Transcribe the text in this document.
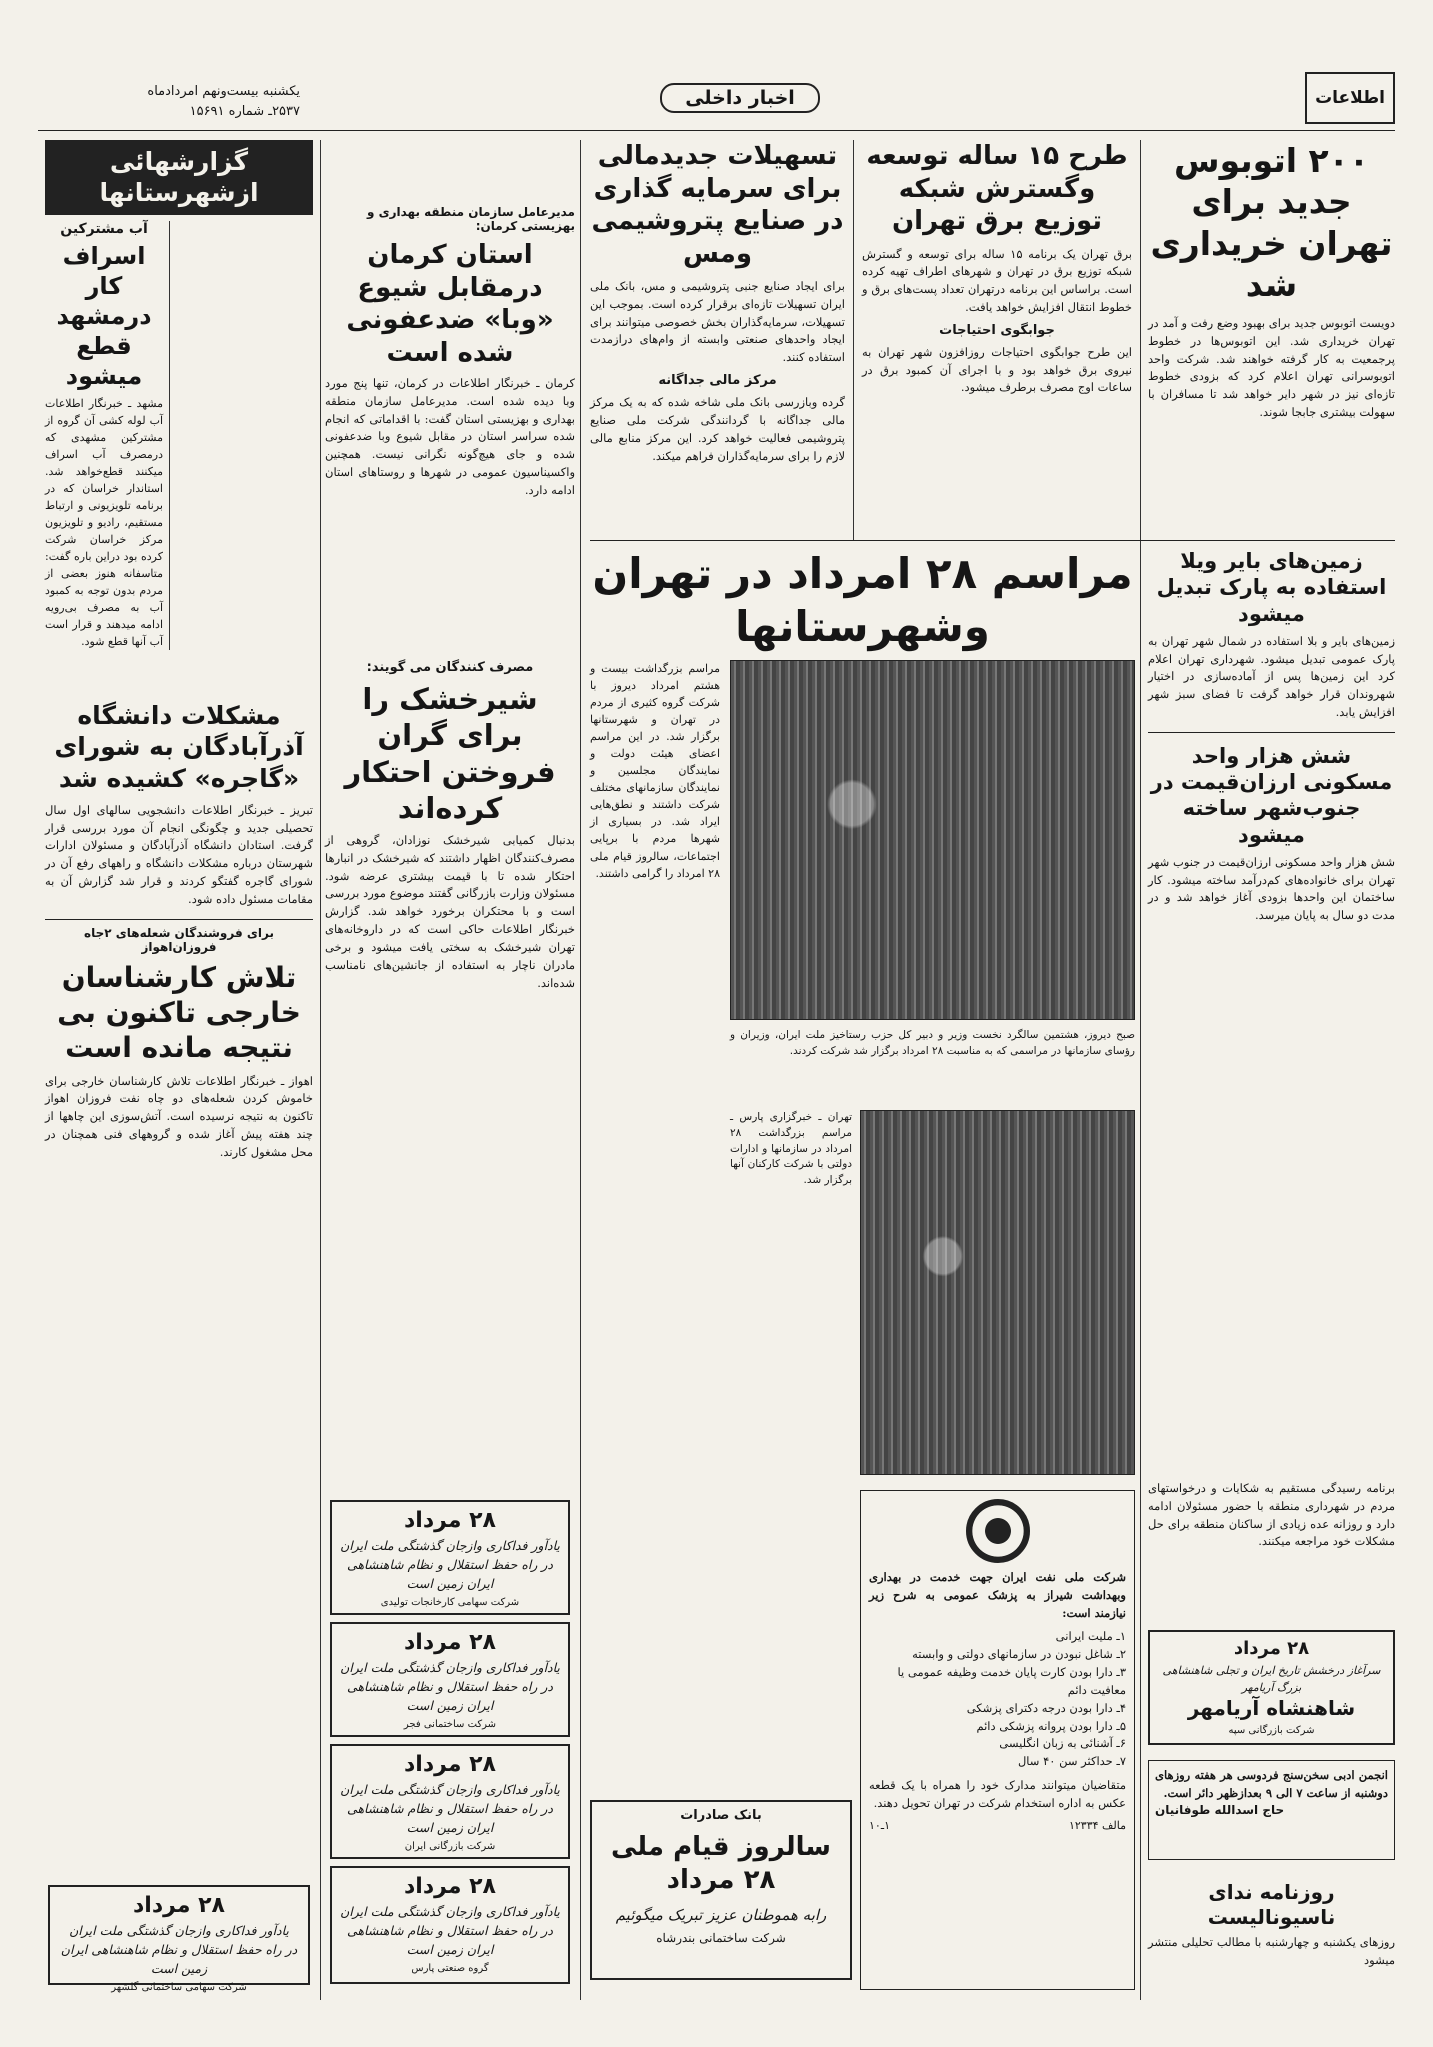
اطلاعات
اخبار داخلی
یکشنبه بیست‌ونهم امردادماه
۲۵۳۷ـ شماره ۱۵۶۹۱

گزارشهائی ازشهرستانها

آب مشترکین

اسراف کار درمشهد قطع میشود

مشهد ـ خبرنگار اطلاعات آب لوله کشی آن گروه از مشترکین مشهدی که درمصرف آب اسراف میکنند قطع‌خواهد شد. استاندار خراسان که در برنامه تلویزیونی و ارتباط مستقیم، رادیو و تلویزیون مرکز خراسان شرکت کرده بود دراین باره گفت: متاسفانه هنوز بعضی از مردم بدون توجه به کمبود آب به مصرف بی‌رویه ادامه میدهند و قرار است آب آنها قطع شود.

مشکلات دانشگاه آذرآبادگان به شورای «گاجره» کشیده شد

تبریز ـ خبرنگار اطلاعات دانشجویی سالهای اول سال تحصیلی جدید و چگونگی انجام آن مورد بررسی قرار گرفت. استادان دانشگاه آذرآبادگان و مسئولان ادارات شهرستان درباره مشکلات دانشگاه و راههای رفع آن در شورای گاجره گفتگو کردند و قرار شد گزارش آن به مقامات مسئول داده شود.

برای فروشندگان شعله‌های ۲جاه فروزان‌اهواز

تلاش کارشناسان خارجی تاکنون بی نتیجه مانده است

اهواز ـ خبرنگار اطلاعات تلاش کارشناسان خارجی برای خاموش کردن شعله‌های دو چاه نفت فروزان اهواز تاکنون به نتیجه نرسیده است. آتش‌سوزی این چاهها از چند هفته پیش آغاز شده و گروههای فنی همچنان در محل مشغول کارند.

۲۸ مرداد

یادآور فداکاری وازجان گذشتگی ملت ایران

در راه حفظ استقلال و نظام شاهنشاهی ایران زمین است

شرکت سهامی ساختمانی گلشهر

مدیرعامل سازمان منطقه بهداری و بهزیستی کرمان:

استان کرمان درمقابل شیوع «وبا» ضدعفونی شده است

کرمان ـ خبرنگار اطلاعات در کرمان، تنها پنج مورد وبا دیده شده است. مدیرعامل سازمان منطقه بهداری و بهزیستی استان گفت: با اقداماتی که انجام شده سراسر استان در مقابل شیوع وبا ضدعفونی شده و جای هیچ‌گونه نگرانی نیست. همچنین واکسیناسیون عمومی در شهرها و روستاهای استان ادامه دارد.

مصرف کنندگان می گویند:

شیرخشک را برای گران فروختن احتکار کرده‌اند

بدنبال کمیابی شیرخشک نوزادان، گروهی از مصرف‌کنندگان اظهار داشتند که شیرخشک در انبارها احتکار شده تا با قیمت بیشتری عرضه شود. مسئولان وزارت بازرگانی گفتند موضوع مورد بررسی است و با محتکران برخورد خواهد شد. گزارش خبرنگار اطلاعات حاکی است که در داروخانه‌های تهران شیرخشک به سختی یافت میشود و برخی مادران ناچار به استفاده از جانشین‌های نامناسب شده‌اند.

۲۸ مرداد

یادآور فداکاری وازجان گذشتگی ملت ایران

در راه حفظ استقلال و نظام شاهنشاهی ایران زمین است

شرکت سهامی کارخانجات تولیدی

۲۸ مرداد

یادآور فداکاری وازجان گذشتگی ملت ایران

در راه حفظ استقلال و نظام شاهنشاهی ایران زمین است

شرکت ساختمانی فجر

۲۸ مرداد

یادآور فداکاری وازجان گذشتگی ملت ایران

در راه حفظ استقلال و نظام شاهنشاهی ایران زمین است

شرکت بازرگانی ایران

۲۸ مرداد

یادآور فداکاری وازجان گذشتگی ملت ایران

در راه حفظ استقلال و نظام شاهنشاهی ایران زمین است

گروه صنعتی پارس

تسهیلات جدیدمالی برای سرمایه گذاری در صنایع پتروشیمی ومس

برای ایجاد صنایع جنبی پتروشیمی و مس، بانک ملی ایران تسهیلات تازه‌ای برقرار کرده است. بموجب این تسهیلات، سرمایه‌گذاران بخش خصوصی میتوانند برای ایجاد واحدهای صنعتی وابسته از وام‌های درازمدت استفاده کنند.

مرکز مالی جداگانه

گرده وبازرسی بانک ملی شاخه شده که به یک مرکز مالی جداگانه با گردانندگی شرکت ملی صنایع پتروشیمی فعالیت خواهد کرد. این مرکز منابع مالی لازم را برای سرمایه‌گذاران فراهم میکند.

طرح ۱۵ ساله توسعه وگسترش شبکه توزیع برق تهران

برق تهران یک برنامه ۱۵ ساله برای توسعه و گسترش شبکه توزیع برق در تهران و شهرهای اطراف تهیه کرده است. براساس این برنامه درتهران تعداد پست‌های برق و خطوط انتقال افزایش خواهد یافت.

جوابگوی احتیاجات

این طرح جوابگوی احتیاجات روزافزون شهر تهران به نیروی برق خواهد بود و با اجرای آن کمبود برق در ساعات اوج مصرف برطرف میشود.

۲۰۰ اتوبوس جدید برای تهران خریداری شد

دویست اتوبوس جدید برای بهبود وضع رفت و آمد در تهران خریداری شد. این اتوبوس‌ها در خطوط پرجمعیت به کار گرفته خواهند شد. شرکت واحد اتوبوسرانی تهران اعلام کرد که بزودی خطوط تازه‌ای نیز در شهر دایر خواهد شد تا مسافران با سهولت بیشتری جابجا شوند.

مراسم ۲۸ امرداد در تهران وشهرستانها

مراسم بزرگداشت بیست و هشتم امرداد دیروز با شرکت گروه کثیری از مردم در تهران و شهرستانها برگزار شد. در این مراسم اعضای هیئت دولت و نمایندگان مجلسین و نمایندگان سازمانهای مختلف شرکت داشتند و نطق‌هایی ایراد شد. در بسیاری از شهرها مردم با برپایی اجتماعات، سالروز قیام ملی ۲۸ امرداد را گرامی داشتند.

صبح دیروز، هشتمین سالگرد نخست وزیر و دبیر کل حزب رستاخیز ملت ایران، وزیران و رؤسای سازمانها در مراسمی که به مناسبت ۲۸ امرداد برگزار شد شرکت کردند.

تهران ـ خبرگزاری پارس ـ مراسم بزرگداشت ۲۸ امرداد در سازمانها و ادارات دولتی با شرکت کارکنان آنها برگزار شد.

زمین‌های بایر ویلا استفاده به پارک تبدیل میشود

زمین‌های بایر و بلا استفاده در شمال شهر تهران به پارک عمومی تبدیل میشود. شهرداری تهران اعلام کرد این زمین‌ها پس از آماده‌سازی در اختیار شهروندان قرار خواهد گرفت تا فضای سبز شهر افزایش یابد.

شش هزار واحد مسکونی ارزان‌قیمت در جنوب‌شهر ساخته میشود

شش هزار واحد مسکونی ارزان‌قیمت در جنوب شهر تهران برای خانواده‌های کم‌درآمد ساخته میشود. کار ساختمان این واحدها بزودی آغاز خواهد شد و در مدت دو سال به پایان میرسد.

برنامه رسیدگی مستقیم به شکایات و درخواستهای مردم در شهرداری منطقه با حضور مسئولان ادامه دارد و روزانه عده زیادی از ساکنان منطقه برای حل مشکلات خود مراجعه میکنند.

شرکت ملی نفت ایران جهت خدمت در بهداری وبهداشت شیراز به پزشک عمومی به شرح زیر نیازمند است:

۱ـ ملیت ایرانی
۲ـ شاغل نبودن در سازمانهای دولتی و وابسته
۳ـ دارا بودن کارت پایان خدمت وظیفه عمومی یا معافیت دائم
۴ـ دارا بودن درجه دکترای پزشکی
۵ـ دارا بودن پروانه پزشکی دائم
۶ـ آشنائی به زبان انگلیسی
۷ـ حداکثر سن ۴۰ سال

متقاضیان میتوانند مدارک خود را همراه با یک قطعه عکس به اداره استخدام شرکت در تهران تحویل دهند.

مالف ۱۲۳۳۴
۱ـ۱۰

۲۸ مرداد

سرآغاز درخشش تاریخ ایران و تجلی شاهنشاهی بزرگ آریامهر

شاهنشاه آریامهر

شرکت بازرگانی سپه

انجمن ادبی سخن‌سنج فردوسی هر هفته روزهای دوشنبه از ساعت ۷ الی ۹ بعدازظهر دائر است.

حاج اسدالله طوفانیان

روزنامه ندای ناسیونالیست

روزهای یکشنبه و چهارشنبه با مطالب تحلیلی منتشر میشود

بانک صادرات

سالروز قیام ملی ۲۸ مرداد

رابه هموطنان عزیز تبریک میگوئیم

شرکت ساختمانی بندرشاه
